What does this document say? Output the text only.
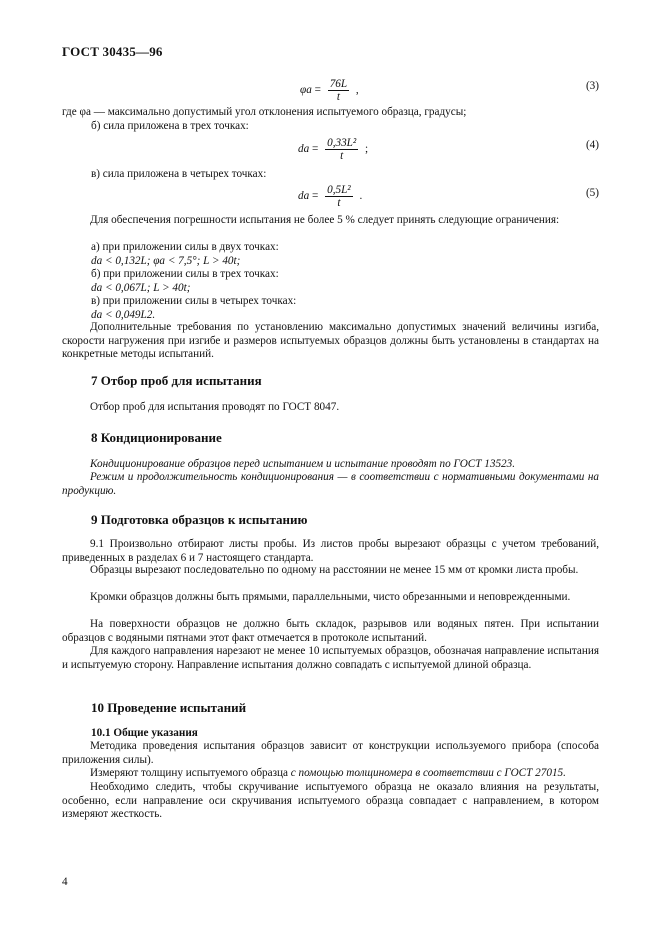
ГОСТ 30435—96
$\varphi a = \frac{76L}{t}$ ,	(3)
где φa — максимально допустимый угол отклонения испытуемого образца, градусы;
б) сила приложена в трех точках:
da = $\frac{\text{0,33L²}}{t}$ ;	(4)
в) сила приложена в четырех точках:
da = $\frac{\text{0,5L²}}{t}$ .	(5)
Для обеспечения погрешности испытания не более 5 % следует принять следующие ограничения:
а) при приложении силы в двух точках:
da < 0,132L; φa < 7,5°; L > 40t;
б) при приложении силы в трех точках:
da < 0,067L; L > 40t;
в) при приложении силы в четырех точках:
da < 0,049L2.
Дополнительные требования по установлению максимально допустимых значений величины изгиба, скорости нагружения при изгибе и размеров испытуемых образцов должны быть установлены в стандартах на конкретные методы испытаний.
7 Отбор проб для испытания
Отбор проб для испытания проводят по ГОСТ 8047.
8 Кондиционирование
Кондиционирование образцов перед испытанием и испытание проводят по ГОСТ 13523.
Режим и продолжительность кондиционирования — в соответствии с нормативными документами на продукцию.
9 Подготовка образцов к испытанию
9.1 Произвольно отбирают листы пробы. Из листов пробы вырезают образцы с учетом требований, приведенных в разделах 6 и 7 настоящего стандарта.
Образцы вырезают последовательно по одному на расстоянии не менее 15 мм от кромки листа пробы.
Кромки образцов должны быть прямыми, параллельными, чисто обрезанными и неповрежденными.
На поверхности образцов не должно быть складок, разрывов или водяных пятен. При испытании образцов с водяными пятнами этот факт отмечается в протоколе испытаний.
Для каждого направления нарезают не менее 10 испытуемых образцов, обозначая направление испытания и испытуемую сторону. Направление испытания должно совпадать с испытуемой длиной образца.
10 Проведение испытаний
10.1 Общие указания
Методика проведения испытания образцов зависит от конструкции используемого прибора (способа приложения силы).
Измеряют толщину испытуемого образца с помощью толщиномера в соответствии с ГОСТ 27015.
Необходимо следить, чтобы скручивание испытуемого образца не оказало влияния на результаты, особенно, если направление оси скручивания испытуемого образца совпадает с направлением, в котором измеряют жесткость.
4
